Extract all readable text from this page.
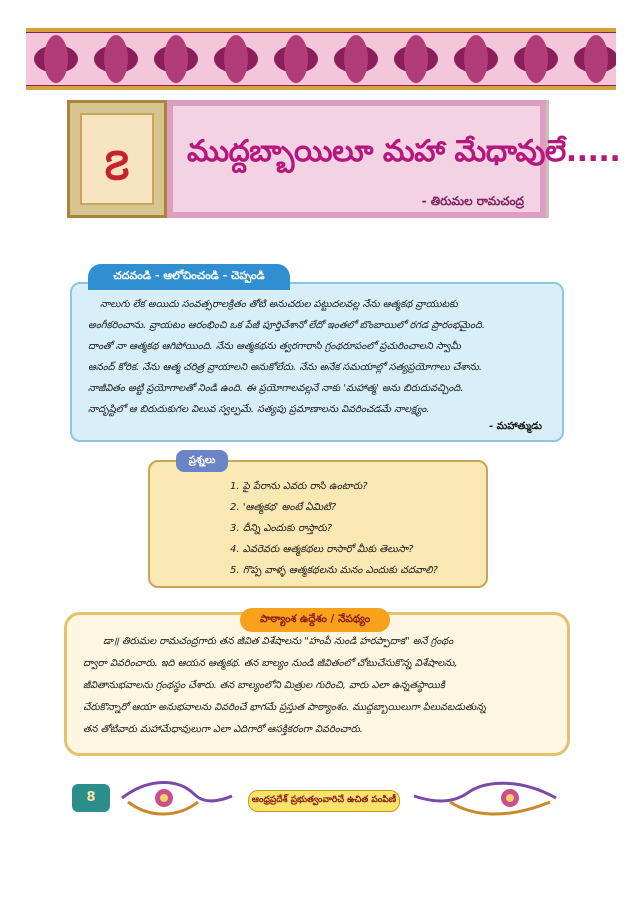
౭	ముద్దబ్బాయిలూ మహా మేధావులే.....
- తిరుమల రామచంద్ర
నాలుగు లేక అయిదు సంవత్సరాలక్రితం తోటి అనుచరుల పట్టుదలవల్ల నేను ఆత్మకథ వ్రాయుటకు
అంగీకరించాను. వ్రాయటం ఆరంభించి ఒక పేజీ పూర్తిచేశానో లేదో ఇంతలో బొంబాయిలో రగడ ప్రారంభమైంది.
దాంతో నా ఆత్మకథ ఆగిపోయింది. నేను ఆత్మకథను త్వరగారాసి గ్రంథరూపంలో ప్రచురించాలని స్వామీ
ఆనంద్ కోరిక. నేను ఆత్మ చరిత్ర వ్రాయాలని అనుకోలేదు. నేను అనేక సమయాల్లో సత్యప్రయోగాలు చేశాను.
నాజీవితం అట్టి ప్రయోగాలతో నిండి ఉంది. ఈ ప్రయోగాలవల్లనే నాకు 'మహాత్మ' అను బిరుదువచ్చింది.
నాదృష్టిలో ఆ బిరుదుకుగల విలువ స్వల్పమే. సత్యపు ప్రమాణాలను వివరించడమే నాలక్ష్యం.
- మహాత్ముడు
చదవండి - ఆలోచించండి - చెప్పండి
1. పై పేరాను ఎవరు రాసి ఉంటారు?
2. 'ఆత్మకథ' అంటే ఏమిటి?
3. దీన్ని ఎందుకు రాస్తారు?
4. ఎవరెవరు ఆత్మకథలు రాసారో మీకు తెలుసా?
5. గొప్ప వాళ్ళ ఆత్మకథలను మనం ఎందుకు చదవాలి?
ప్రశ్నలు
డా॥ తిరుమల రామచంద్రగారు తన జీవిత విశేషాలను "హంపీ నుండి హరప్పాదాక" అనే గ్రంథం
ద్వారా వివరించారు. ఇది ఆయన ఆత్మకథ. తన బాల్యం నుండి జీవితంలో చోటుచేసుకొన్న విశేషాలను,
జీవితానుభవాలను గ్రంథస్థం చేశారు. తన బాల్యంలోని మిత్రుల గురించి, వారు ఎలా ఉన్నతస్థాయికి
చేరుకొన్నారో ఆయా అనుభవాలను వివరించే భాగమే ప్రస్తుత పాఠ్యాంశం. ముద్దబ్బాయిలుగా పిలువబడుతున్న
తన తోటివారు మహామేధావులుగా ఎలా ఎదిగారో ఆసక్తికరంగా వివరించారు.
పాఠ్యాంశ ఉద్దేశం / నేపథ్యం
8	ఆంధ్రప్రదేశ్ ప్రభుత్వంవారిచే ఉచిత పంపిణీ
